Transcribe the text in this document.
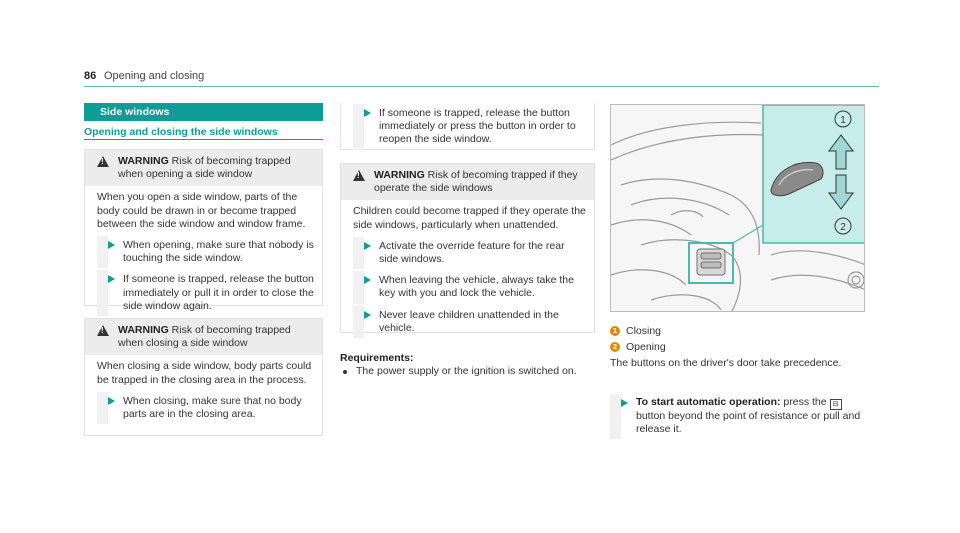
86 Opening and closing
Side windows
Opening and closing the side windows
!
WARNING Risk of becoming trapped when opening a side window
When you open a side window, parts of the body could be drawn in or become trapped between the side window and window frame.
When opening, make sure that nobody is touching the side window.
If someone is trapped, release the button immediately or pull it in order to close the side window again.
!
WARNING Risk of becoming trapped when closing a side window
When closing a side window, body parts could be trapped in the closing area in the process.
When closing, make sure that no body parts are in the closing area.
If someone is trapped, release the button immediately or press the button in order to reopen the side window.
!
WARNING Risk of becoming trapped if they operate the side windows
Children could become trapped if they operate the side windows, particularly when unattended.
Activate the override feature for the rear side windows.
When leaving the vehicle, always take the key with you and lock the vehicle.
Never leave children unattended in the vehicle.
Requirements:
The power supply or the ignition is switched on.
1
2
1 Closing
2 Opening
The buttons on the driver's door take precedence.
To start automatic operation: press the ⊟ button beyond the point of resistance or pull and release it.
